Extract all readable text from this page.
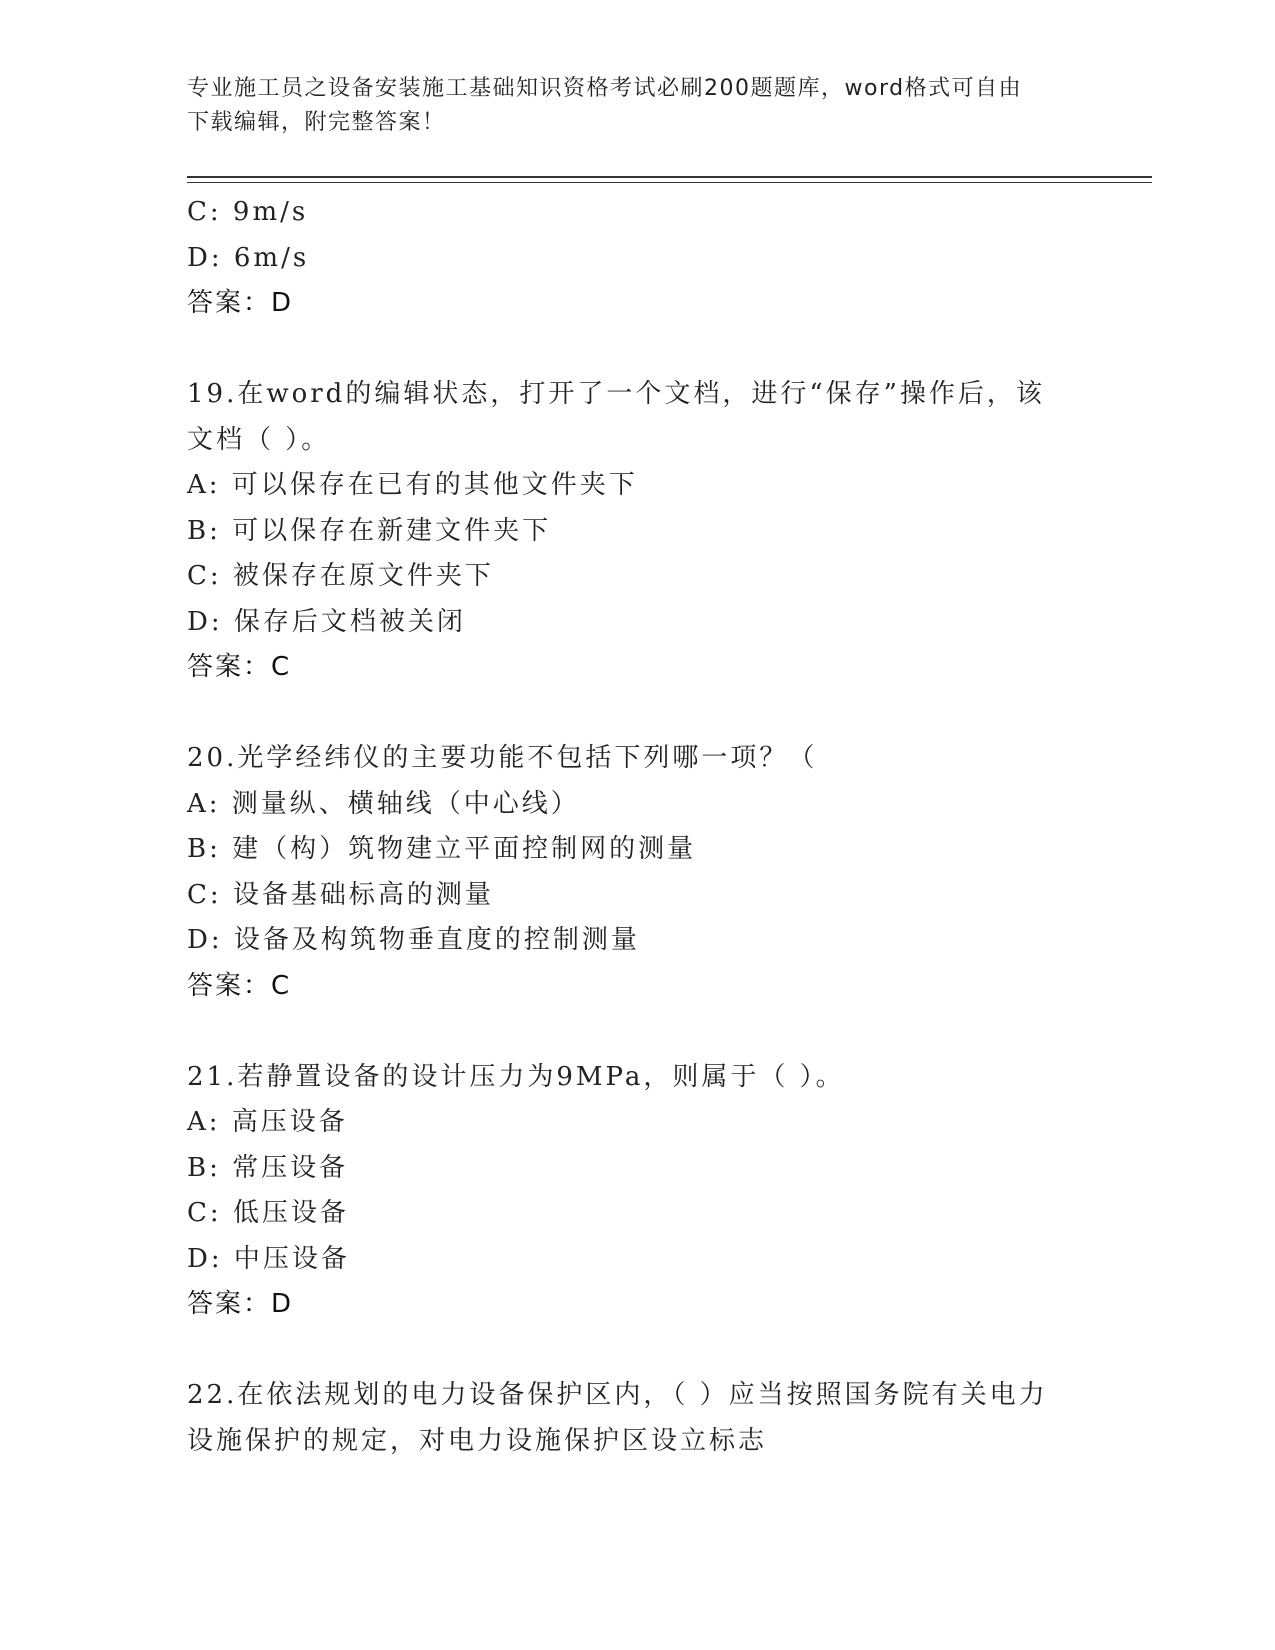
专业施工员之设备安装施工基础知识资格考试必刷200题题库，word格式可自由
下载编辑，附完整答案！
C: 9m/s
D: 6m/s
答案：D
19.在word的编辑状态，打开了一个文档，进行“保存”操作后，该
文档（ ）。
A: 可以保存在已有的其他文件夹下
B: 可以保存在新建文件夹下
C: 被保存在原文件夹下
D: 保存后文档被关闭
答案：C
20.光学经纬仪的主要功能不包括下列哪一项？（
A: 测量纵、横轴线（中心线）
B: 建（构）筑物建立平面控制网的测量
C: 设备基础标高的测量
D: 设备及构筑物垂直度的控制测量
答案：C
21.若静置设备的设计压力为9MPa，则属于（ ）。
A: 高压设备
B: 常压设备
C: 低压设备
D: 中压设备
答案：D
22.在依法规划的电力设备保护区内，（ ）应当按照国务院有关电力
设施保护的规定，对电力设施保护区设立标志
